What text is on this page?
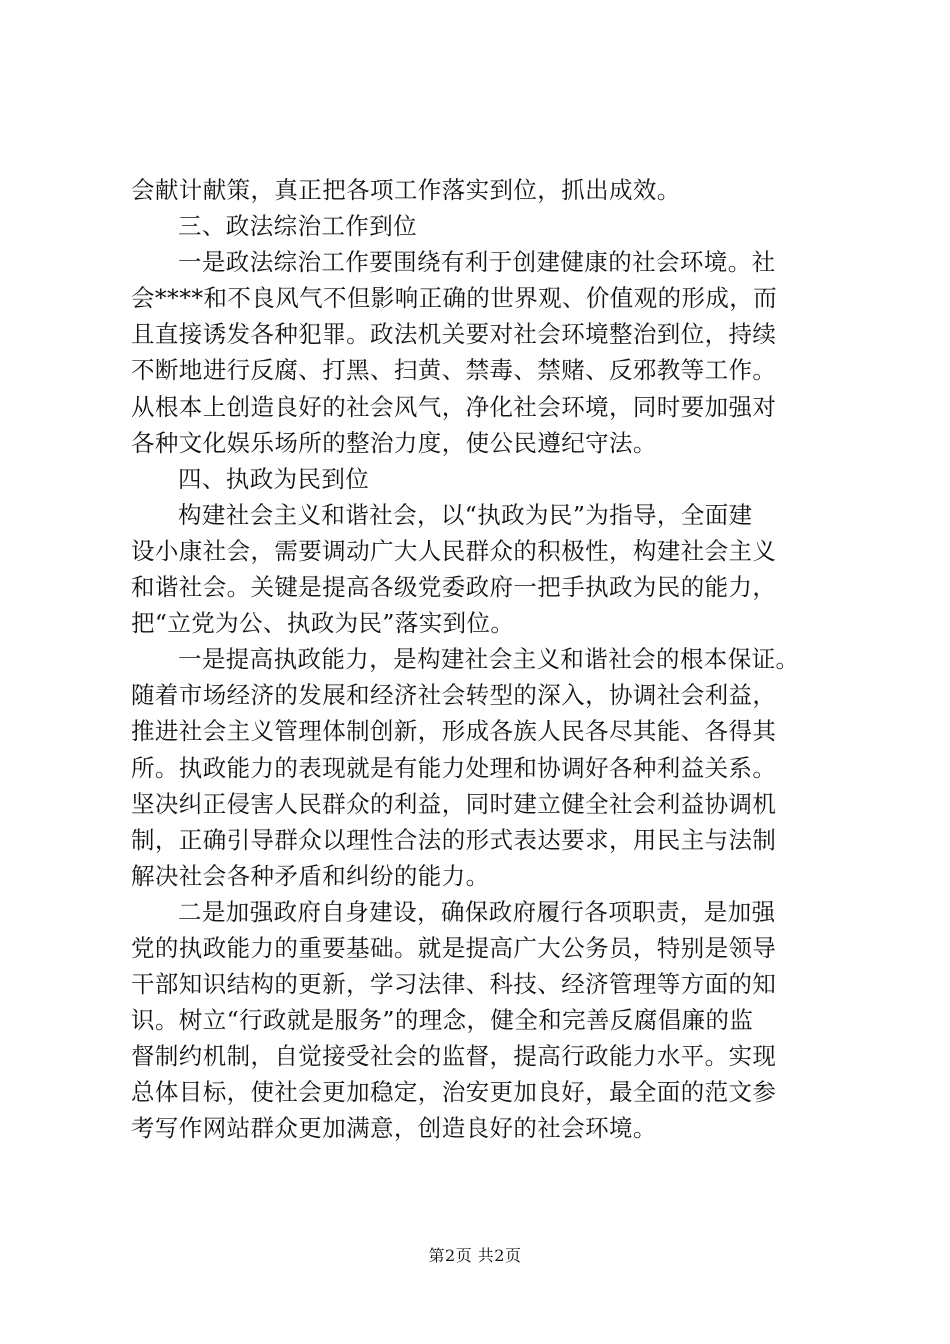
会献计献策，真正把各项工作落实到位，抓出成效。
三、政法综治工作到位
一是政法综治工作要围绕有利于创建健康的社会环境。社
会****和不良风气不但影响正确的世界观、价值观的形成，而
且直接诱发各种犯罪。政法机关要对社会环境整治到位，持续
不断地进行反腐、打黑、扫黄、禁毒、禁赌、反邪教等工作。
从根本上创造良好的社会风气，净化社会环境，同时要加强对
各种文化娱乐场所的整治力度，使公民遵纪守法。
四、执政为民到位
构建社会主义和谐社会，以“执政为民”为指导，全面建
设小康社会，需要调动广大人民群众的积极性，构建社会主义
和谐社会。关键是提高各级党委政府一把手执政为民的能力，
把“立党为公、执政为民”落实到位。
一是提高执政能力，是构建社会主义和谐社会的根本保证。
随着市场经济的发展和经济社会转型的深入，协调社会利益，
推进社会主义管理体制创新，形成各族人民各尽其能、各得其
所。执政能力的表现就是有能力处理和协调好各种利益关系。
坚决纠正侵害人民群众的利益，同时建立健全社会利益协调机
制，正确引导群众以理性合法的形式表达要求，用民主与法制
解决社会各种矛盾和纠纷的能力。
二是加强政府自身建设，确保政府履行各项职责，是加强
党的执政能力的重要基础。就是提高广大公务员，特别是领导
干部知识结构的更新，学习法律、科技、经济管理等方面的知
识。树立“行政就是服务”的理念，健全和完善反腐倡廉的监
督制约机制，自觉接受社会的监督，提高行政能力水平。实现
总体目标，使社会更加稳定，治安更加良好，最全面的范文参
考写作网站群众更加满意，创造良好的社会环境。
第2页 共2页
